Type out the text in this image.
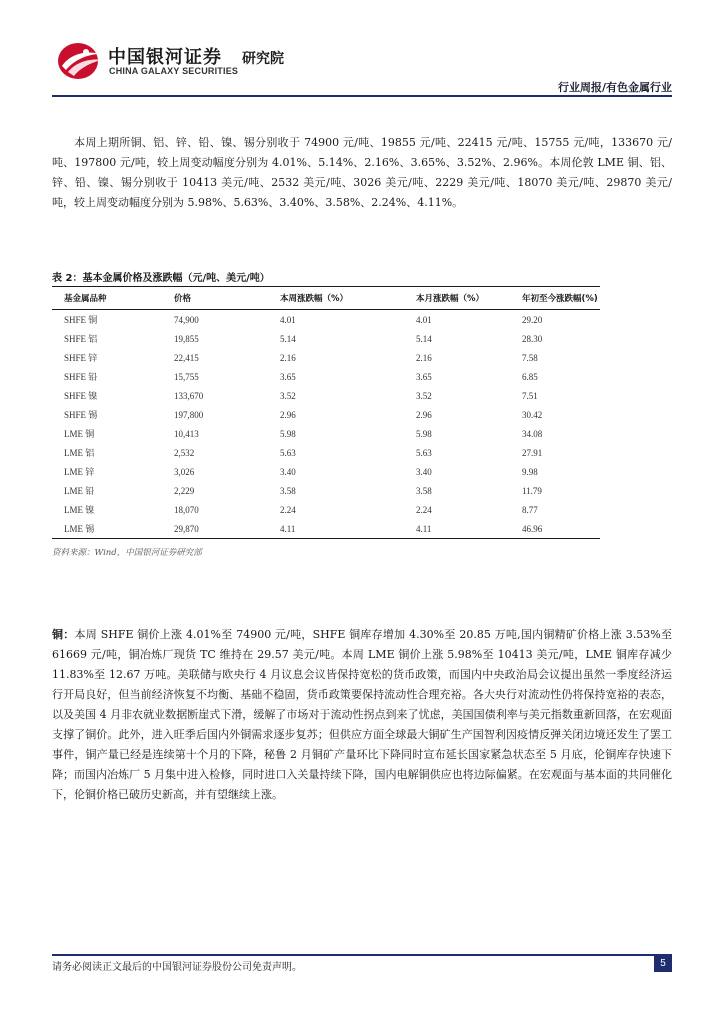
中国银河证券
CHINA GALAXY SECURITIES
研究院
行业周报/有色金属行业

本周上期所铜、铝、锌、铅、镍、锡分别收于 74900 元/吨、19855 元/吨、22415 元/吨、15755 元/吨，133670 元/吨、197800 元/吨，较上周变动幅度分别为 4.01%、5.14%、2.16%、3.65%、3.52%、2.96%。本周伦敦 LME 铜、铝、锌、铅、镍、锡分别收于 10413 美元/吨、2532 美元/吨、3026 美元/吨、2229 美元/吨、18070 美元/吨、29870 美元/吨，较上周变动幅度分别为 5.98%、5.63%、3.40%、3.58%、2.24%、4.11%。

表 2：基本金属价格及涨跌幅（元/吨、美元/吨）
基金属品种	价格	本周涨跌幅（%）	本月涨跌幅（%）	年初至今涨跌幅(%)
SHFE 铜	74,900	4.01	4.01	29.20
SHFE 铝	19,855	5.14	5.14	28.30
SHFE 锌	22,415	2.16	2.16	7.58
SHFE 铅	15,755	3.65	3.65	6.85
SHFE 镍	133,670	3.52	3.52	7.51
SHFE 锡	197,800	2.96	2.96	30.42
LME 铜	10,413	5.98	5.98	34.08
LME 铝	2,532	5.63	5.63	27.91
LME 锌	3,026	3.40	3.40	9.98
LME 铅	2,229	3.58	3.58	11.79
LME 镍	18,070	2.24	2.24	8.77
LME 锡	29,870	4.11	4.11	46.96
资料来源：Wind，中国银河证券研究部

铜：本周 SHFE 铜价上涨 4.01%至 74900 元/吨，SHFE 铜库存增加 4.30%至 20.85 万吨,国内铜精矿价格上涨 3.53%至 61669 元/吨，铜冶炼厂现货 TC 维持在 29.57 美元/吨。本周 LME 铜价上涨 5.98%至 10413 美元/吨，LME 铜库存减少 11.83%至 12.67 万吨。美联储与欧央行 4 月议息会议皆保持宽松的货币政策，而国内中央政治局会议提出虽然一季度经济运行开局良好，但当前经济恢复不均衡、基础不稳固，货币政策要保持流动性合理充裕。各大央行对流动性仍将保持宽裕的表态，以及美国 4 月非农就业数据断崖式下滑，缓解了市场对于流动性拐点到来了忧虑，美国国债利率与美元指数重新回落，在宏观面支撑了铜价。此外，进入旺季后国内外铜需求逐步复苏；但供应方面全球最大铜矿生产国智利因疫情反弹关闭边境还发生了罢工事件，铜产量已经是连续第十个月的下降，秘鲁 2 月铜矿产量环比下降同时宣布延长国家紧急状态至 5 月底，伦铜库存快速下降；而国内冶炼厂 5 月集中进入检修，同时进口入关量持续下降，国内电解铜供应也将边际偏紧。在宏观面与基本面的共同催化下，伦铜价格已破历史新高，并有望继续上涨。

请务必阅读正文最后的中国银河证券股份公司免责声明。	5
